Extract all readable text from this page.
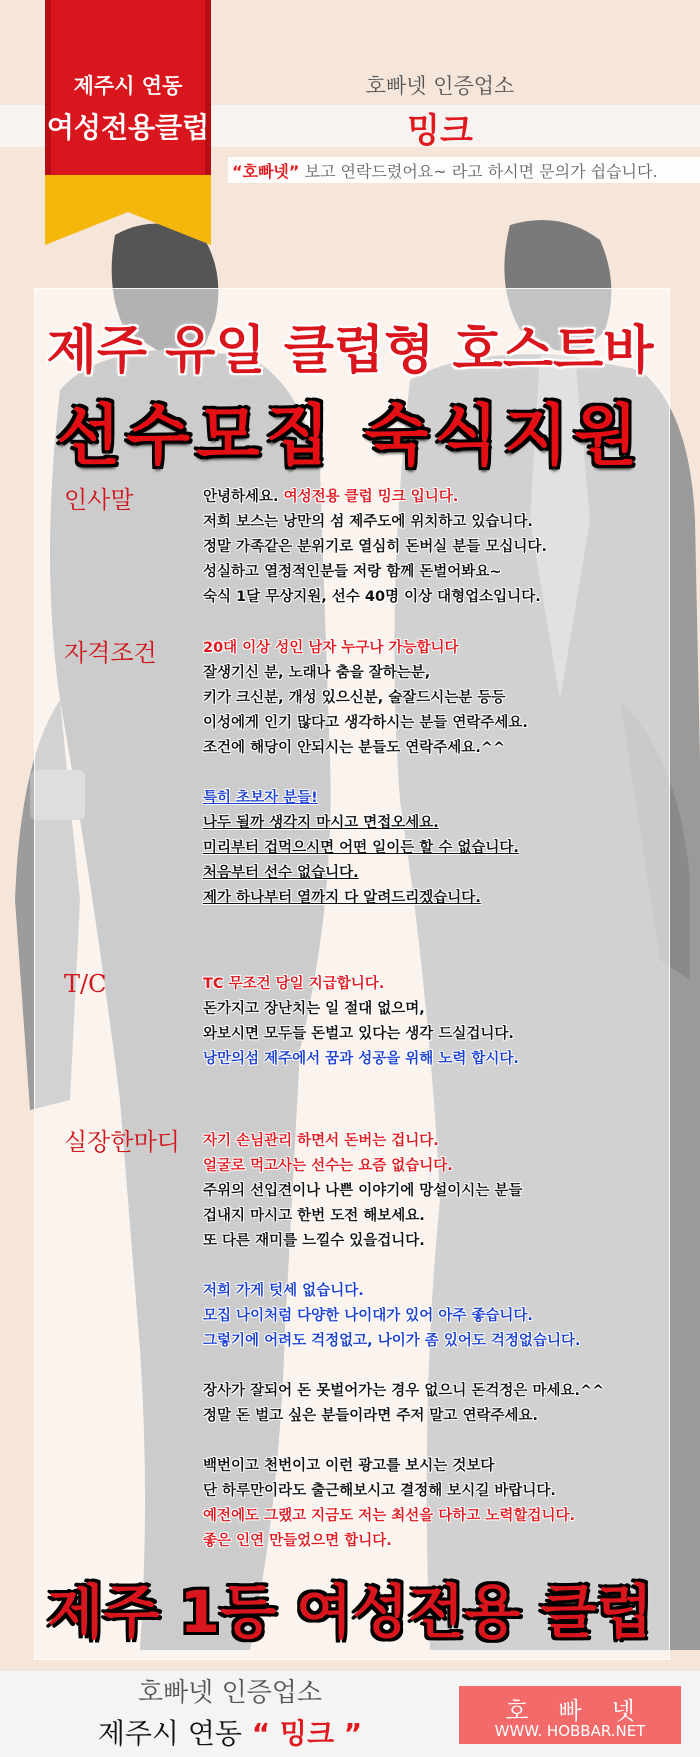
제주시 연동
여성전용클럽
호빠넷 인증업소
밍크
“호빠넷” 보고 연락드렸어요~ 라고 하시면 문의가 쉽습니다.
제주 유일 클럽형 호스트바
선수모집 숙식지원
인사말	안녕하세요. 여성전용 클럽 밍크 입니다.
저희 보스는 낭만의 섬 제주도에 위치하고 있습니다.
정말 가족같은 분위기로 열심히 돈버실 분들 모십니다.
성실하고 열정적인분들 저랑 함께 돈벌어봐요~
숙식 1달 무상지원, 선수 40명 이상 대형업소입니다.
자격조건	20대 이상 성인 남자 누구나 가능합니다
잘생기신 분, 노래나 춤을 잘하는분,
키가 크신분, 개성 있으신분, 술잘드시는분 등등
이성에게 인기 많다고 생각하시는 분들 연락주세요.
조건에 해당이 안되시는 분들도 연락주세요.^^
특히 초보자 분들!
나두 될까 생각지 마시고 면접오세요.
미리부터 겁먹으시면 어떤 일이든 할 수 없습니다.
처음부터 선수 없습니다.
제가 하나부터 열까지 다 알려드리겠습니다.
T/C	TC 무조건 당일 지급합니다.
돈가지고 장난치는 일 절대 없으며,
와보시면 모두들 돈벌고 있다는 생각 드실겁니다.
낭만의섬 제주에서 꿈과 성공을 위해 노력 합시다.
실장한마디 자기 손님관리 하면서 돈버는 겁니다.
얼굴로 먹고사는 선수는 요즘 없습니다.
주위의 선입견이나 나쁜 이야기에 망설이시는 분들
겁내지 마시고 한번 도전 해보세요.
또 다른 재미를 느낄수 있을겁니다.
저희 가게 텃세 없습니다.
모집 나이처럼 다양한 나이대가 있어 아주 좋습니다.
그렇기에 어려도 걱정없고, 나이가 좀 있어도 걱정없습니다.
장사가 잘되어 돈 못벌어가는 경우 없으니 돈걱정은 마세요.^^
정말 돈 벌고 싶은 분들이라면 주저 말고 연락주세요.
백번이고 천번이고 이런 광고를 보시는 것보다
단 하루만이라도 출근해보시고 결정해 보시길 바랍니다.
예전에도 그랬고 지금도 저는 최선을 다하고 노력할겁니다.
좋은 인연 만들었으면 합니다.
제주 1등 여성전용 클럽
호빠넷 인증업소
제주시 연동 “ 밍크 ”
호빠넷
WWW. HOBBAR.NET
